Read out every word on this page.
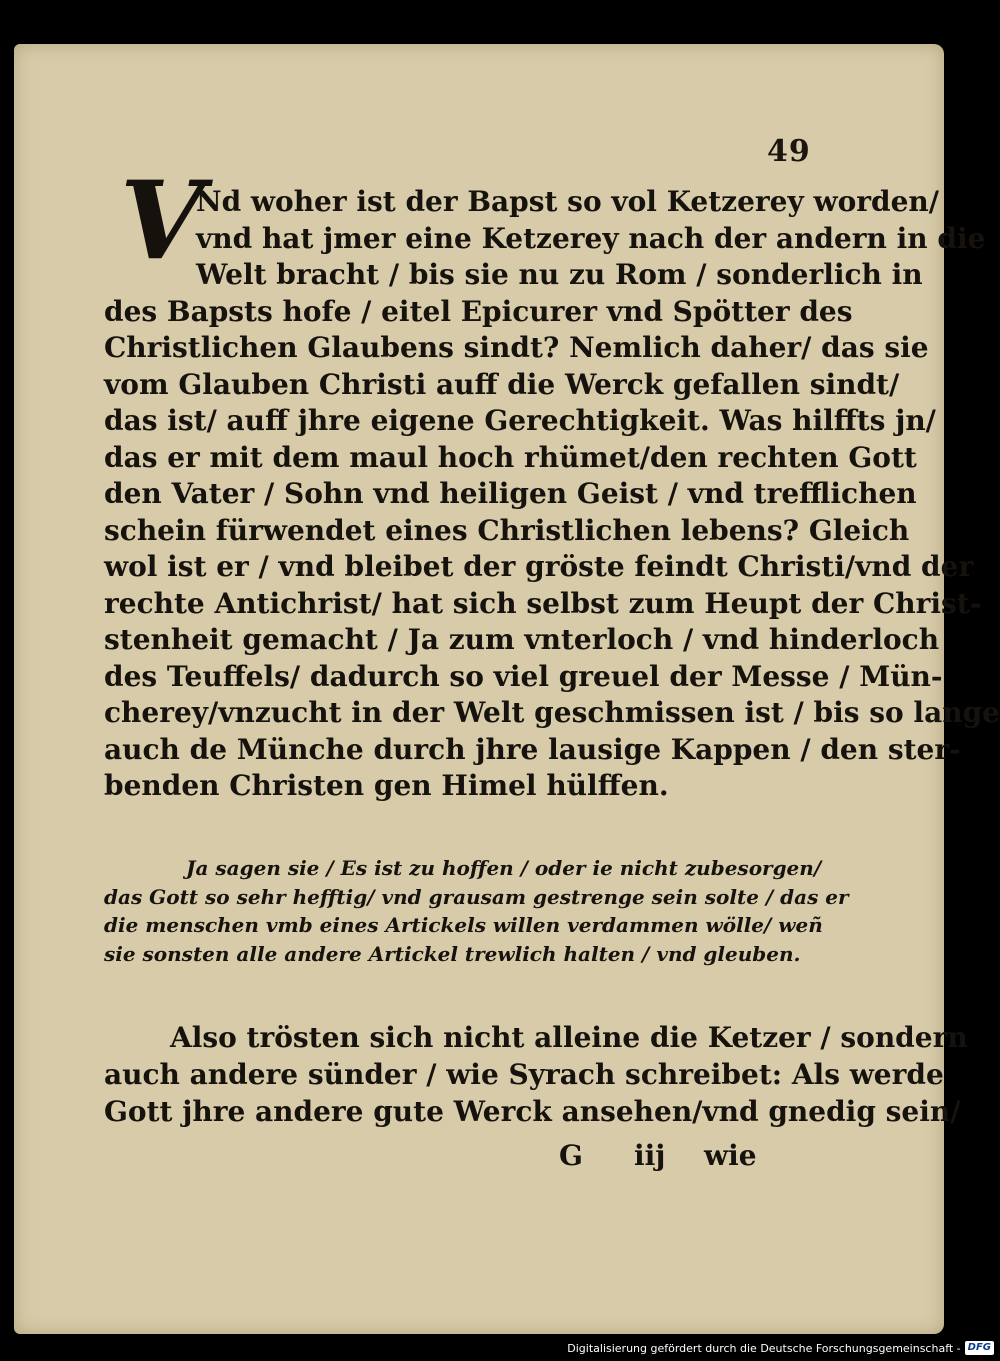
49
V
Nd woher ist der Bapst so vol Ketzerey worden/
vnd hat jmer eine Ketzerey nach der andern in die
Welt bracht / bis sie nu zu Rom / sonderlich in
des Bapsts hofe / eitel Epicurer vnd Spötter des
Christlichen Glaubens sindt? Nemlich daher/ das sie
vom Glauben Christi auff die Werck gefallen sindt/
das ist/ auff jhre eigene Gerechtigkeit. Was hilffts jn/
das er mit dem maul hoch rhümet/den rechten Gott
den Vater / Sohn vnd heiligen Geist / vnd trefflichen
schein fürwendet eines Christlichen lebens? Gleich
wol ist er / vnd bleibet der gröste feindt Christi/vnd der
rechte Antichrist/ hat sich selbst zum Heupt der Christ-
stenheit gemacht / Ja zum vnterloch / vnd hinderloch
des Teuffels/ dadurch so viel greuel der Messe / Mün-
cherey/vnzucht in der Welt geschmissen ist / bis so lange
auch de Münche durch jhre lausige Kappen / den ster-
benden Christen gen Himel hülffen.
Ja sagen sie / Es ist zu hoffen / oder ie nicht zubesorgen/
das Gott so sehr hefftig/ vnd grausam gestrenge sein solte / das er
die menschen vmb eines Artickels willen verdammen wölle/ weñ
sie sonsten alle andere Artickel trewlich halten / vnd gleuben.
Also trösten sich nicht alleine die Ketzer / sondern
auch andere sünder / wie Syrach schreibet: Als werde
Gott jhre andere gute Werck ansehen/vnd gnedig sein/
G iij wie
Digitalisierung gefördert durch die Deutsche Forschungsgemeinschaft - DFG
